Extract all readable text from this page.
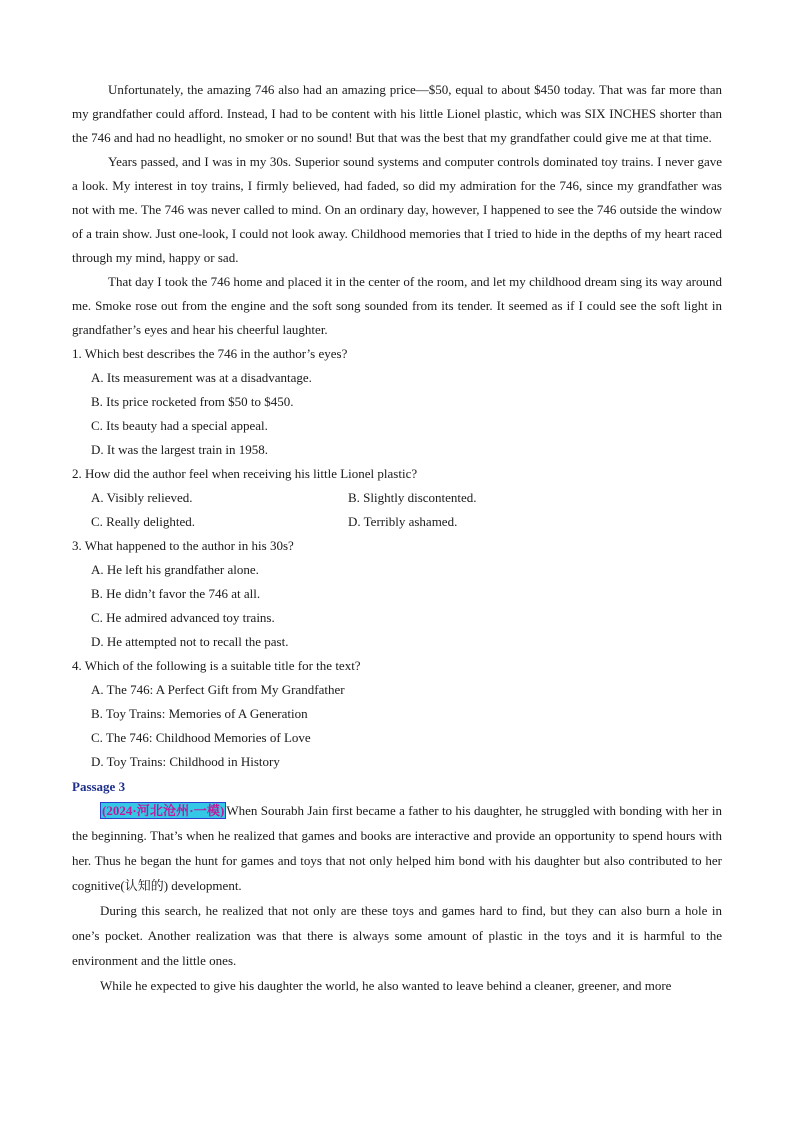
Unfortunately, the amazing 746 also had an amazing price—$50, equal to about $450 today. That was far more than my grandfather could afford. Instead, I had to be content with his little Lionel plastic, which was SIX INCHES shorter than the 746 and had no headlight, no smoker or no sound! But that was the best that my grandfather could give me at that time.

Years passed, and I was in my 30s. Superior sound systems and computer controls dominated toy trains. I never gave a look. My interest in toy trains, I firmly believed, had faded, so did my admiration for the 746, since my grandfather was not with me. The 746 was never called to mind. On an ordinary day, however, I happened to see the 746 outside the window of a train show. Just one-look, I could not look away. Childhood memories that I tried to hide in the depths of my heart raced through my mind, happy or sad.

That day I took the 746 home and placed it in the center of the room, and let my childhood dream sing its way around me. Smoke rose out from the engine and the soft song sounded from its tender. It seemed as if I could see the soft light in grandfather’s eyes and hear his cheerful laughter.

1. Which best describes the 746 in the author’s eyes?

A. Its measurement was at a disadvantage.

B. Its price rocketed from $50 to $450.

C. Its beauty had a special appeal.

D. It was the largest train in 1958.

2. How did the author feel when receiving his little Lionel plastic?

A. Visibly relieved.	B. Slightly discontented.
C. Really delighted.	D. Terribly ashamed.

3. What happened to the author in his 30s?

A. He left his grandfather alone.

B. He didn’t favor the 746 at all.

C. He admired advanced toy trains.

D. He attempted not to recall the past.

4. Which of the following is a suitable title for the text?

A. The 746: A Perfect Gift from My Grandfather

B. Toy Trains: Memories of A Generation

C. The 746: Childhood Memories of Love

D. Toy Trains: Childhood in History

Passage 3

(2024·河北沧州·一模) When Sourabh Jain first became a father to his daughter, he struggled with bonding with her in the beginning. That’s when he realized that games and books are interactive and provide an opportunity to spend hours with her. Thus he began the hunt for games and toys that not only helped him bond with his daughter but also contributed to her cognitive(认知的) development.

During this search, he realized that not only are these toys and games hard to find, but they can also burn a hole in one’s pocket. Another realization was that there is always some amount of plastic in the toys and it is harmful to the environment and the little ones.

While he expected to give his daughter the world, he also wanted to leave behind a cleaner, greener, and more
